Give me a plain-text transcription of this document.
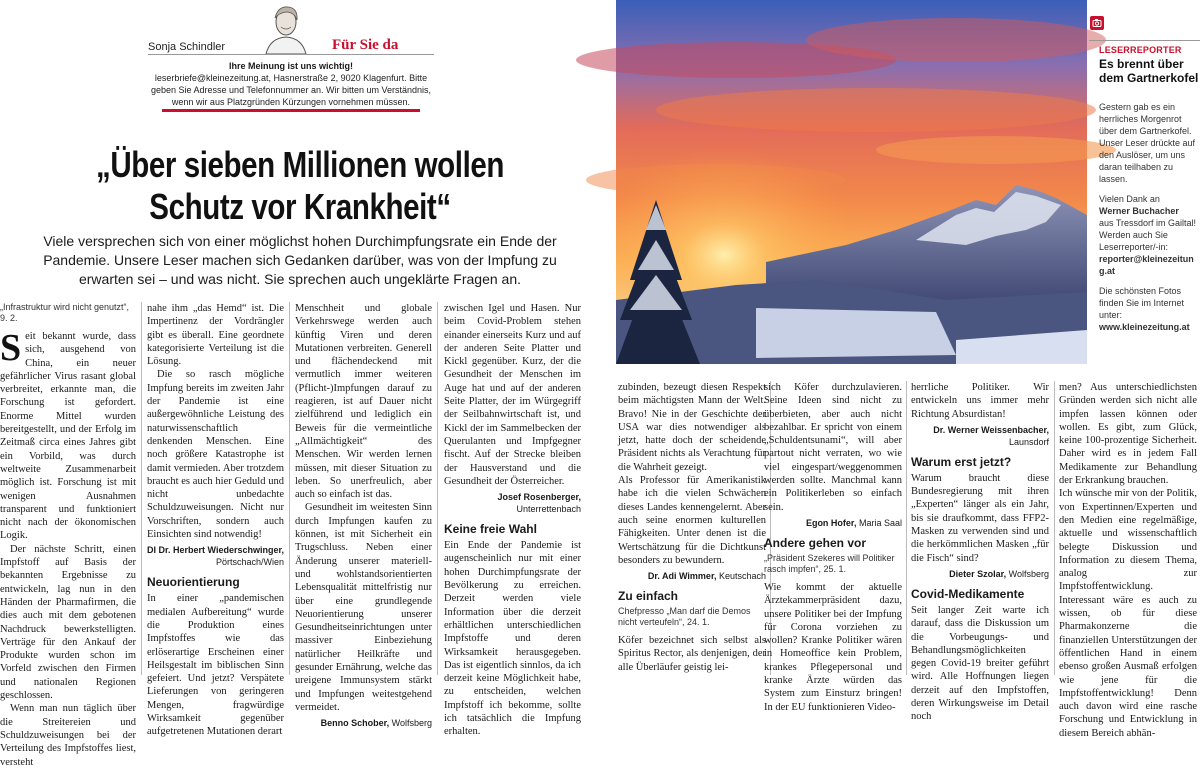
Sonja Schindler	Für Sie da
Ihre Meinung ist uns wichtig!
leserbriefe@kleinezeitung.at, Hasnerstraße 2, 9020 Klagenfurt. Bitte geben Sie Adresse und Telefonnummer an. Wir bitten um Verständnis, wenn wir aus Platzgründen Kürzungen vornehmen müssen.
„Über sieben Millionen wollen
Schutz vor Krankheit“

Viele versprechen sich von einer möglichst hohen Durchimpfungsrate ein Ende der Pandemie. Unsere Leser machen sich Gedanken darüber, was von der Impfung zu erwarten sei – und was nicht. Sie sprechen auch ungeklärte Fragen an.

„Infrastruktur wird nicht genutzt“, 9. 2.
S eit bekannt wurde, dass sich, ausgehend von China, ein neuer gefährlicher Virus rasant global verbreitet, erkannte man, die Forschung ist gefordert. Enorme Mittel wurden bereitgestellt, und der Erfolg im Zeitmaß circa eines Jahres gibt ein Vorbild, was durch weltweite Zusammenarbeit möglich ist. Forschung ist mit wenigen Ausnahmen transparent und funktioniert nicht nach der ökonomischen Logik.

Der nächste Schritt, einen Impfstoff auf Basis der bekannten Ergebnisse zu entwickeln, lag nun in den Händen der Pharmafirmen, die dies auch mit dem gebotenen Nachdruck bewerkstelligten. Verträge für den Ankauf der Produkte wurden schon im Vorfeld zwischen den Firmen und nationalen Regionen geschlossen.

Wenn man nun täglich über die Streitereien und Schuldzuweisungen bei der Verteilung des Impfstoffes liest, versteht

nahe ihm „das Hemd“ ist. Die Impertinenz der Vordrängler gibt es überall. Eine geordnete kategorisierte Verteilung ist die Lösung.

Die so rasch mögliche Impfung bereits im zweiten Jahr der Pandemie ist eine außergewöhnliche Leistung des naturwissenschaftlich denkenden Menschen. Eine noch größere Katastrophe ist damit vermieden. Aber trotzdem braucht es auch hier Geduld und nicht unbedachte Schuldzuweisungen. Nicht nur Vorschriften, sondern auch Einsichten sind notwendig!

DI Dr. Herbert Wiederschwinger, Pörtschach/Wien
Neuorientierung

In einer „pandemischen medialen Aufbereitung“ wurde die Produktion eines Impfstoffes wie das erlöserartige Erscheinen einer Heilsgestalt im biblischen Sinn gefeiert. Und jetzt? Verspätete Lieferungen von geringeren Mengen, fragwürdige Wirksamkeit gegenüber aufgetretenen Mutationen derart

Menschheit und globale Verkehrswege werden auch künftig Viren und deren Mutationen verbreiten. Generell und flächendeckend mit vermutlich immer weiteren (Pflicht-)Impfungen darauf zu reagieren, ist auf Dauer nicht zielführend und lediglich ein Beweis für die vermeintliche „Allmächtigkeit“ des Menschen. Wir werden lernen müssen, mit dieser Situation zu leben. So unerfreulich, aber auch so einfach ist das.

Gesundheit im weitesten Sinn durch Impfungen kaufen zu können, ist mit Sicherheit ein Trugschluss. Neben einer Änderung unserer materiell- und wohlstandsorientierten Lebensqualität mittelfristig nur über eine grundlegende Neuorientierung unserer Gesundheitseinrichtungen unter massiver Einbeziehung natürlicher Heilkräfte und gesunder Ernährung, welche das ureigene Immunsystem stärkt und Impfungen weitestgehend vermeidet.

Benno Schober, Wolfsberg

zwischen Igel und Hasen. Nur beim Covid-Problem stehen einander einerseits Kurz und auf der anderen Seite Platter und Kickl gegenüber. Kurz, der die Gesundheit der Menschen im Auge hat und auf der anderen Seite Platter, der im Würgegriff der Seilbahnwirtschaft ist, und Kickl der im Sammelbecken der Querulanten und Impfgegner fischt. Auf der Strecke bleiben der Hausverstand und die Gesundheit der Österreicher.

Josef Rosenberger, Unterrettenbach
Keine freie Wahl

Ein Ende der Pandemie ist augenscheinlich nur mit einer hohen Durchimpfungsrate der Bevölkerung zu erreichen. Derzeit werden viele Information über die derzeit erhältlichen unterschiedlichen Impfstoffe und deren Wirksamkeit herausgegeben. Das ist eigentlich sinnlos, da ich derzeit keine Möglichkeit habe, zu entscheiden, welchen Impfstoff ich bekomme, sollte ich tatsächlich die Impfung erhalten.

zubinden, bezeugt diesen Respekt beim mächtigsten Mann der Welt. Bravo! Nie in der Geschichte der USA war dies notwendiger als jetzt, hatte doch der scheidende Präsident nichts als Verachtung für die Wahrheit gezeigt.

Als Professor für Amerikanistik habe ich die vielen Schwächen dieses Landes kennengelernt. Aber auch seine enormen kulturellen Fähigkeiten. Unter denen ist die Wertschätzung für die Dichtkunst besonders zu bewundern.

Dr. Adi Wimmer, Keutschach
Zu einfach
Chefpresso „Man darf die Demos nicht verteufeln“, 24. 1.

Köfer bezeichnet sich selbst als Spiritus Rector, als denjenigen, der alle Überläufer geistig lei-

sich Köfer durchzulavieren. Seine Ideen sind nicht zu überbieten, aber auch nicht bezahlbar. Er spricht von einem „Schuldentsunami“, will aber partout nicht verraten, wo wie viel eingespart/weggenommen werden sollte. Manchmal kann ein Politikerleben so einfach sein.

Egon Hofer, Maria Saal
Andere gehen vor
„Präsident Szekeres will Politiker rasch impfen“, 25. 1.

Wie kommt der aktuelle Ärztekammerpräsident dazu, unsere Politiker bei der Impfung für Corona vorziehen zu wollen? Kranke Politiker wären in Homeoffice kein Problem, krankes Pflegepersonal und kranke Ärzte würden das System zum Einsturz bringen! In der EU funktionieren Video-

herrliche Politiker. Wir entwickeln uns immer mehr Richtung Absurdistan!

Dr. Werner Weissenbacher, Launsdorf
Warum erst jetzt?

Warum braucht diese Bundesregierung mit ihren „Experten“ länger als ein Jahr, bis sie draufkommt, dass FFP2-Masken zu verwenden sind und die herkömmlichen Masken „für die Fisch“ sind?

Dieter Szolar, Wolfsberg
Covid-Medikamente

Seit langer Zeit warte ich darauf, dass die Diskussion um die Vorbeugungs- und Behandlungsmöglichkeiten gegen Covid-19 breiter geführt wird. Alle Hoffnungen liegen derzeit auf den Impfstoffen, deren Wirkungsweise im Detail noch

men? Aus unterschiedlichsten Gründen werden sich nicht alle impfen lassen können oder wollen. Es gibt, zum Glück, keine 100-prozentige Sicherheit. Daher wird es in jedem Fall Medikamente zur Behandlung der Erkrankung brauchen.

Ich wünsche mir von der Politik, von Expertinnen/Experten und den Medien eine regelmäßige, aktuelle und wissenschaftlich belegte Diskussion und Information zu diesem Thema, analog zur Impfstoffentwicklung. Interessant wäre es auch zu wissen, ob für diese Pharmakonzerne die finanziellen Unterstützungen der öffentlichen Hand in einem ebenso großen Ausmaß erfolgen wie jene für die Impfstoffentwicklung! Denn auch davon wird eine rasche Forschung und Entwicklung in diesem Bereich abhän-

LESERREPORTER
Es brennt über dem Gartnerkofel
Gestern gab es ein herrliches Morgenrot über dem Gartnerkofel. Unser Leser drückte auf den Auslöser, um uns daran teilhaben zu lassen.
Vielen Dank an
Werner Buchacher
aus Tressdorf im Gailtal!
Werden auch Sie Leserreporter/-in:
reporter@kleinezeitung.at
Die schönsten Fotos finden Sie im Internet unter:
www.kleinezeitung.at
